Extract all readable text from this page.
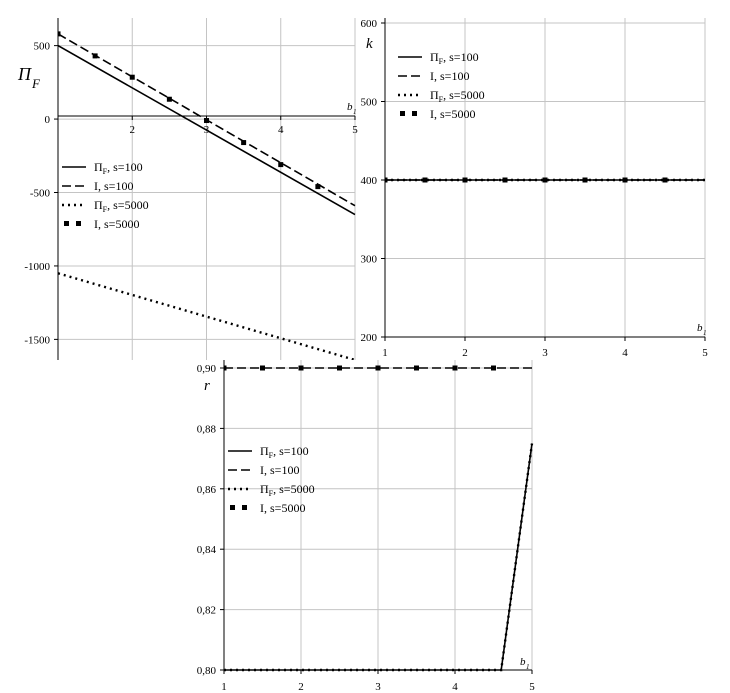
2	3	4	5
500
0
-500
-1000
-1500
Π F
b 1
$\Pi_F$, s=100
I, s=100
$\Pi_F$, s=5000
I, s=5000
1	2	3	4	5
600
500
400
300
200
k
b 1
$\Pi_F$, s=100
I, s=100
$\Pi_F$, s=5000
I, s=5000
1	2	3	4	5
0,90
0,88
0,86
0,84
0,82
0,80
r
b 1
$\Pi_F$, s=100
I, s=100
$\Pi_F$, s=5000
I, s=5000
